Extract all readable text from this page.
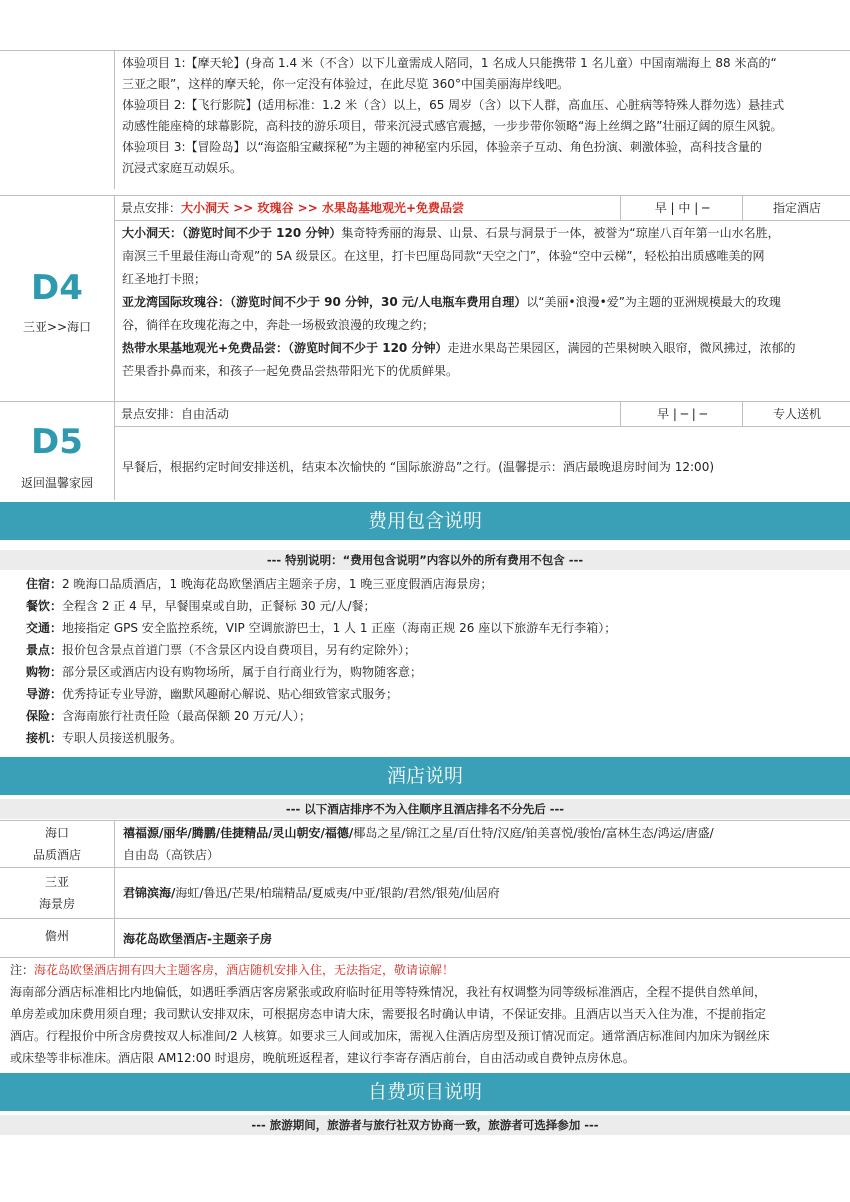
体验项目 1:【摩天轮】(身高 1.4 米（不含）以下儿童需成人陪同，1 名成人只能携带 1 名儿童）中国南端海上 88 米高的“
三亚之眼”，这样的摩天轮，你一定没有体验过，在此尽览 360°中国美丽海岸线吧。
体验项目 2:【飞行影院】(适用标准：1.2 米（含）以上，65 周岁（含）以下人群，高血压、心脏病等特殊人群勿选）悬挂式
动感性能座椅的球幕影院，高科技的游乐项目，带来沉浸式感官震撼，一步步带你领略“海上丝绸之路”壮丽辽阔的原生风貌。
体验项目 3:【冒险岛】以“海盗船宝藏探秘”为主题的神秘室内乐园，体验亲子互动、角色扮演、刺激体验，高科技含量的
沉浸式家庭互动娱乐。
D4
三亚>>海口
景点安排：大小洞天 >> 玫瑰谷 >> 水果岛基地观光+免费品尝	早 | 中 | ─	指定酒店
大小洞天：（游览时间不少于 120 分钟）集奇特秀丽的海景、山景、石景与洞景于一体，被誉为“琼崖八百年第一山水名胜，
南溟三千里最佳海山奇观”的 5A 级景区。在这里，打卡巴厘岛同款“天空之门”，体验“空中云梯”，轻松拍出质感唯美的网
红圣地打卡照；
亚龙湾国际玫瑰谷：（游览时间不少于 90 分钟，30 元/人电瓶车费用自理）以“美丽•浪漫•爱”为主题的亚洲规模最大的玫瑰
谷，徜徉在玫瑰花海之中，奔赴一场极致浪漫的玫瑰之约；
热带水果基地观光+免费品尝：（游览时间不少于 120 分钟）走进水果岛芒果园区，满园的芒果树映入眼帘，微风拂过，浓郁的
芒果香扑鼻而来，和孩子一起免费品尝热带阳光下的优质鲜果。
D5
返回温馨家园
景点安排：自由活动	早 | ─ | ─	专人送机
早餐后，根据约定时间安排送机，结束本次愉快的 “国际旅游岛”之行。(温馨提示：酒店最晚退房时间为 12:00)
费用包含说明
--- 特别说明：“费用包含说明”内容以外的所有费用不包含 ---
住宿：2 晚海口品质酒店，1 晚海花岛欧堡酒店主题亲子房，1 晚三亚度假酒店海景房；
餐饮：全程含 2 正 4 早，早餐围桌或自助，正餐标 30 元/人/餐；
交通：地接指定 GPS 安全监控系统，VIP 空调旅游巴士，1 人 1 正座（海南正规 26 座以下旅游车无行李箱）；
景点：报价包含景点首道门票（不含景区内设自费项目，另有约定除外）；
购物：部分景区或酒店内设有购物场所，属于自行商业行为，购物随客意；
导游：优秀持证专业导游，幽默风趣耐心解说、贴心细致管家式服务；
保险：含海南旅行社责任险（最高保额 20 万元/人）；
接机：专职人员接送机服务。
酒店说明
--- 以下酒店排序不为入住顺序且酒店排名不分先后 ---
海口
品质酒店
禧福源/丽华/腾鹏/佳捷精品/灵山朝安/福德/椰岛之星/锦江之星/百仕特/汉庭/铂美喜悦/骏怡/富林生态/鸿运/唐盛/
自由岛（高铁店）
三亚
海景房
君锦滨海/海虹/鲁迅/芒果/柏瑞精品/夏威夷/中亚/银韵/君然/银苑/仙居府
儋州	海花岛欧堡酒店-主题亲子房
注：海花岛欧堡酒店拥有四大主题客房，酒店随机安排入住，无法指定，敬请谅解！
海南部分酒店标准相比内地偏低，如遇旺季酒店客房紧张或政府临时征用等特殊情况，我社有权调整为同等级标准酒店，全程不提供自然单间，
单房差或加床费用须自理；我司默认安排双床，可根据房态申请大床，需要报名时确认申请，不保证安排。且酒店以当天入住为准，不提前指定
酒店。行程报价中所含房费按双人标准间/2 人核算。如要求三人间或加床，需视入住酒店房型及预订情况而定。通常酒店标准间内加床为钢丝床
或床垫等非标准床。酒店限 AM12:00 时退房，晚航班返程者，建议行李寄存酒店前台，自由活动或自费钟点房休息。
自费项目说明
--- 旅游期间，旅游者与旅行社双方协商一致，旅游者可选择参加 ---
